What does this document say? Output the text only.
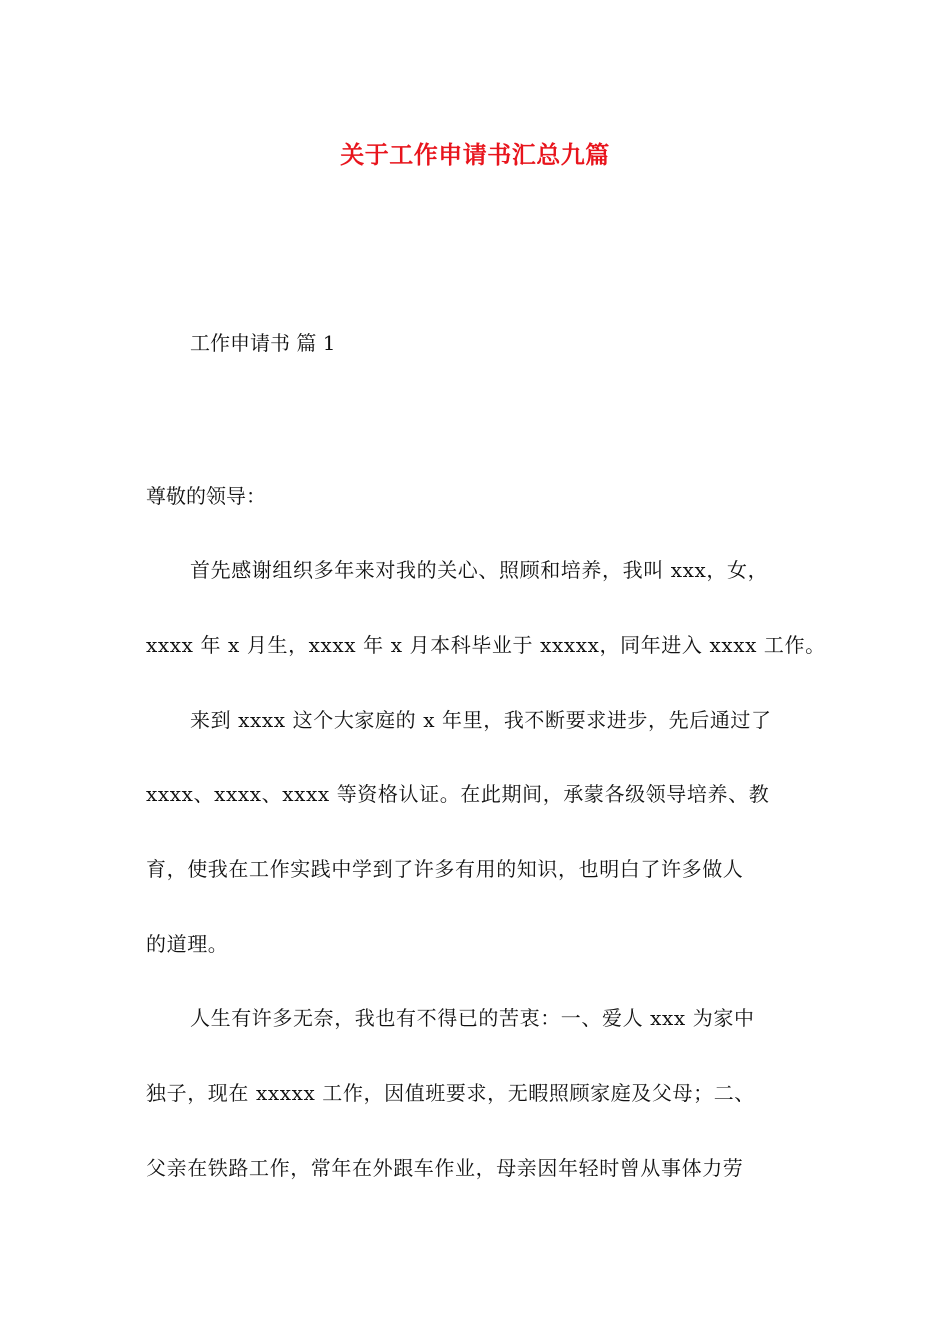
关于工作申请书汇总九篇
工作申请书 篇 1
尊敬的领导：
首先感谢组织多年来对我的关心、照顾和培养，我叫 xxx，女，
xxxx 年 x 月生，xxxx 年 x 月本科毕业于 xxxxx，同年进入 xxxx 工作。
来到 xxxx 这个大家庭的 x 年里，我不断要求进步，先后通过了
xxxx、xxxx、xxxx 等资格认证。在此期间，承蒙各级领导培养、教
育，使我在工作实践中学到了许多有用的知识，也明白了许多做人
的道理。
人生有许多无奈，我也有不得已的苦衷：一、爱人 xxx 为家中
独子，现在 xxxxx 工作，因值班要求，无暇照顾家庭及父母；二、
父亲在铁路工作，常年在外跟车作业，母亲因年轻时曾从事体力劳
